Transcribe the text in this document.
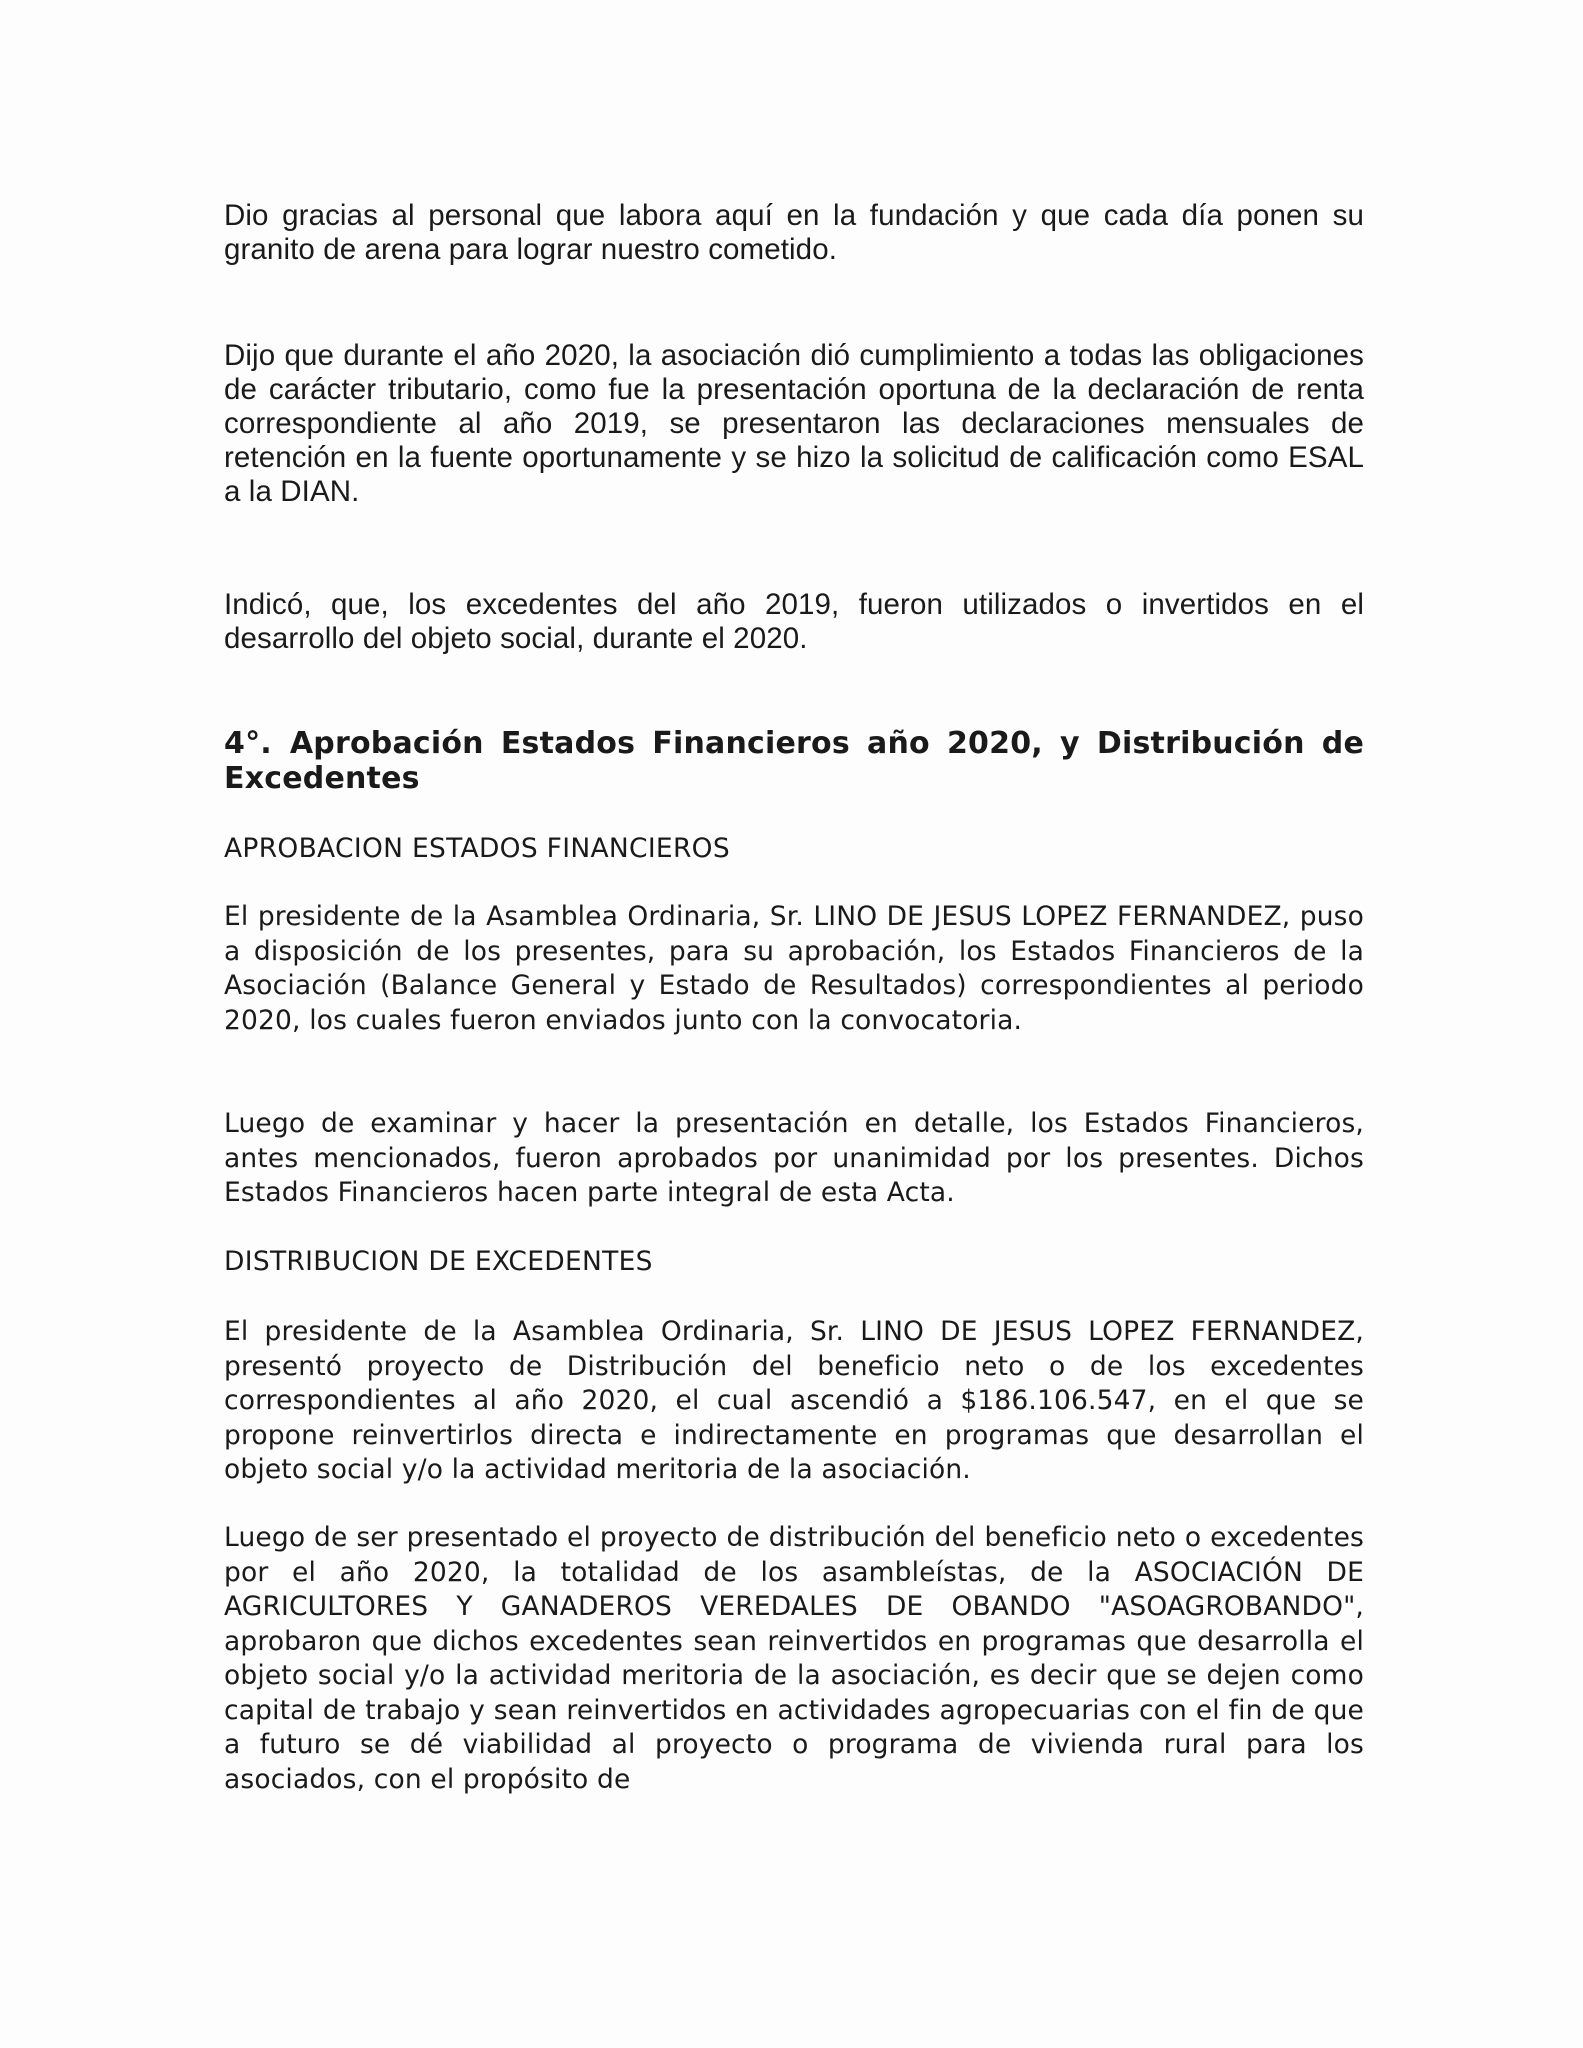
Dio gracias al personal que labora aquí en la fundación y que cada día ponen su granito de arena para lograr nuestro cometido.

Dijo que durante el año 2020, la asociación dió cumplimiento a todas las obligaciones de carácter tributario, como fue la presentación oportuna de la declaración de renta correspondiente al año 2019, se presentaron las declaraciones mensuales de retención en la fuente oportunamente y se hizo la solicitud de calificación como ESAL a la DIAN.

Indicó, que, los excedentes del año 2019, fueron utilizados o invertidos en el desarrollo del objeto social, durante el 2020.

4°. Aprobación Estados Financieros año 2020, y Distribución de Excedentes

APROBACION ESTADOS FINANCIEROS

El presidente de la Asamblea Ordinaria, Sr. LINO DE JESUS LOPEZ FERNANDEZ, puso a disposición de los presentes, para su aprobación, los Estados Financieros de la Asociación (Balance General y Estado de Resultados) correspondientes al periodo 2020, los cuales fueron enviados junto con la convocatoria.

Luego de examinar y hacer la presentación en detalle, los Estados Financieros, antes mencionados, fueron aprobados por unanimidad por los presentes. Dichos Estados Financieros hacen parte integral de esta Acta.

DISTRIBUCION DE EXCEDENTES

El presidente de la Asamblea Ordinaria, Sr. LINO DE JESUS LOPEZ FERNANDEZ, presentó proyecto de Distribución del beneficio neto o de los excedentes correspondientes al año 2020, el cual ascendió a $186.106.547, en el que se propone reinvertirlos directa e indirectamente en programas que desarrollan el objeto social y/o la actividad meritoria de la asociación.

Luego de ser presentado el proyecto de distribución del beneficio neto o excedentes por el año 2020, la totalidad de los asambleístas, de la ASOCIACIÓN DE AGRICULTORES Y GANADEROS VEREDALES DE OBANDO "ASOAGROBANDO", aprobaron que dichos excedentes sean reinvertidos en programas que desarrolla el objeto social y/o la actividad meritoria de la asociación, es decir que se dejen como capital de trabajo y sean reinvertidos en actividades agropecuarias con el fin de que a futuro se dé viabilidad al proyecto o programa de vivienda rural para los asociados, con el propósito de
